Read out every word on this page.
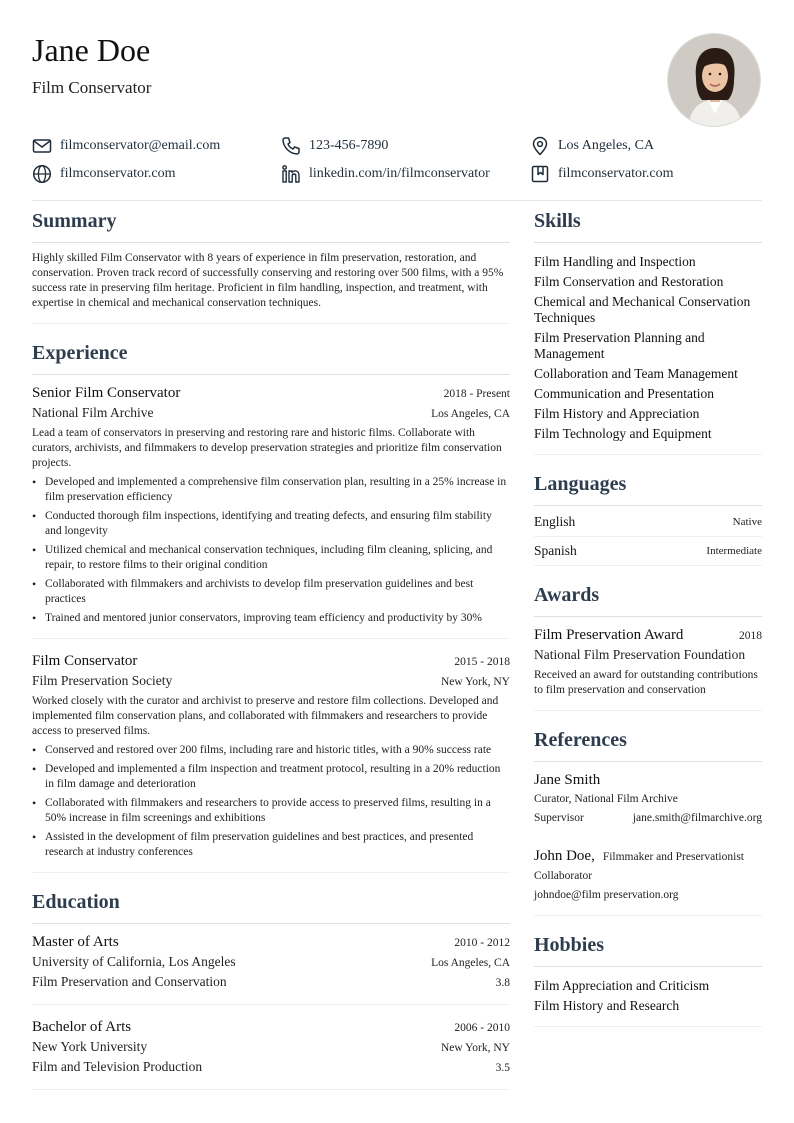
Jane Doe
Film Conservator
filmconservator@email.com	123-456-7890	Los Angeles, CA
filmconservator.com	linkedin.com/in/filmconservator	filmconservator.com
Summary

Highly skilled Film Conservator with 8 years of experience in film preservation, restoration, and conservation. Proven track record of successfully conserving and restoring over 500 films, with a 95% success rate in preserving film heritage. Proficient in film handling, inspection, and treatment, with expertise in chemical and mechanical conservation techniques.

Experience
Senior Film Conservator	2018 - Present
National Film Archive	Los Angeles, CA

Lead a team of conservators in preserving and restoring rare and historic films. Collaborate with curators, archivists, and filmmakers to develop preservation strategies and prioritize film conservation projects.

• Developed and implemented a comprehensive film conservation plan, resulting in a 25% increase in film preservation efficiency
• Conducted thorough film inspections, identifying and treating defects, and ensuring film stability and longevity
• Utilized chemical and mechanical conservation techniques, including film cleaning, splicing, and repair, to restore films to their original condition
• Collaborated with filmmakers and archivists to develop film preservation guidelines and best practices
• Trained and mentored junior conservators, improving team efficiency and productivity by 30%
Film Conservator	2015 - 2018
Film Preservation Society	New York, NY

Worked closely with the curator and archivist to preserve and restore film collections. Developed and implemented film conservation plans, and collaborated with filmmakers and researchers to provide access to preserved films.

• Conserved and restored over 200 films, including rare and historic titles, with a 90% success rate
• Developed and implemented a film inspection and treatment protocol, resulting in a 20% reduction in film damage and deterioration
• Collaborated with filmmakers and researchers to provide access to preserved films, resulting in a 50% increase in film screenings and exhibitions
• Assisted in the development of film preservation guidelines and best practices, and presented research at industry conferences
Education
Master of Arts	2010 - 2012
University of California, Los Angeles	Los Angeles, CA
Film Preservation and Conservation	3.8
Bachelor of Arts	2006 - 2010
New York University	New York, NY
Film and Television Production	3.5
Skills
Film Handling and Inspection
Film Conservation and Restoration
Chemical and Mechanical Conservation Techniques
Film Preservation Planning and Management
Collaboration and Team Management
Communication and Presentation
Film History and Appreciation
Film Technology and Equipment
Languages
English	Native
Spanish	Intermediate
Awards
Film Preservation Award	2018
National Film Preservation Foundation

Received an award for outstanding contributions to film preservation and conservation

References
Jane Smith
Curator, National Film Archive
Supervisor	jane.smith@filmarchive.org
John Doe, Filmmaker and Preservationist
Collaborator
johndoe@film preservation.org
Hobbies
Film Appreciation and Criticism
Film History and Research
